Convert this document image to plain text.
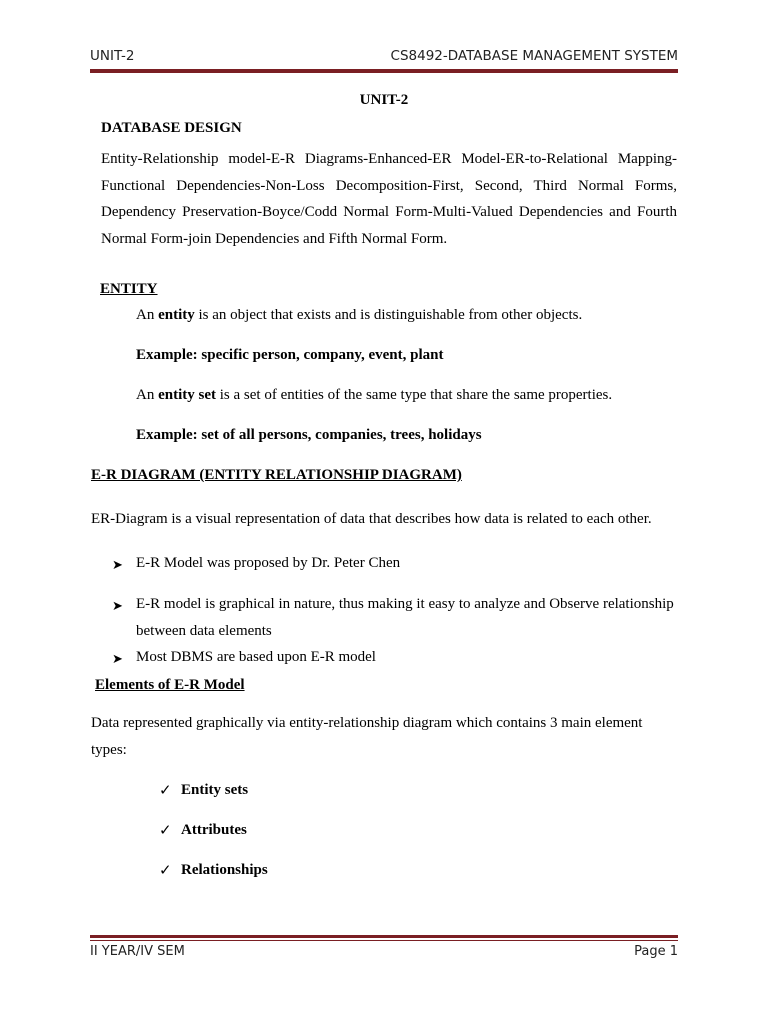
UNIT-2	CS8492-DATABASE MANAGEMENT SYSTEM
UNIT-2
DATABASE DESIGN
Entity-Relationship model-E-R Diagrams-Enhanced-ER Model-ER-to-Relational Mapping-Functional Dependencies-Non-Loss Decomposition-First, Second, Third Normal Forms, Dependency Preservation-Boyce/Codd Normal Form-Multi-Valued Dependencies and Fourth Normal Form-join Dependencies and Fifth Normal Form.
ENTITY
An entity is an object that exists and is distinguishable from other objects.
Example: specific person, company, event, plant
An entity set is a set of entities of the same type that share the same properties.
Example: set of all persons, companies, trees, holidays
E-R DIAGRAM (ENTITY RELATIONSHIP DIAGRAM)
ER-Diagram is a visual representation of data that describes how data is related to each other.
➤ E-R Model was proposed by Dr. Peter Chen
➤ E-R model is graphical in nature, thus making it easy to analyze and Observe relationship
between data elements
➤ Most DBMS are based upon E-R model
Elements of E-R Model
Data represented graphically via entity-relationship diagram which contains 3 main element
types:
✓ Entity sets
✓ Attributes
✓ Relationships
II YEAR/IV SEM	Page 1
